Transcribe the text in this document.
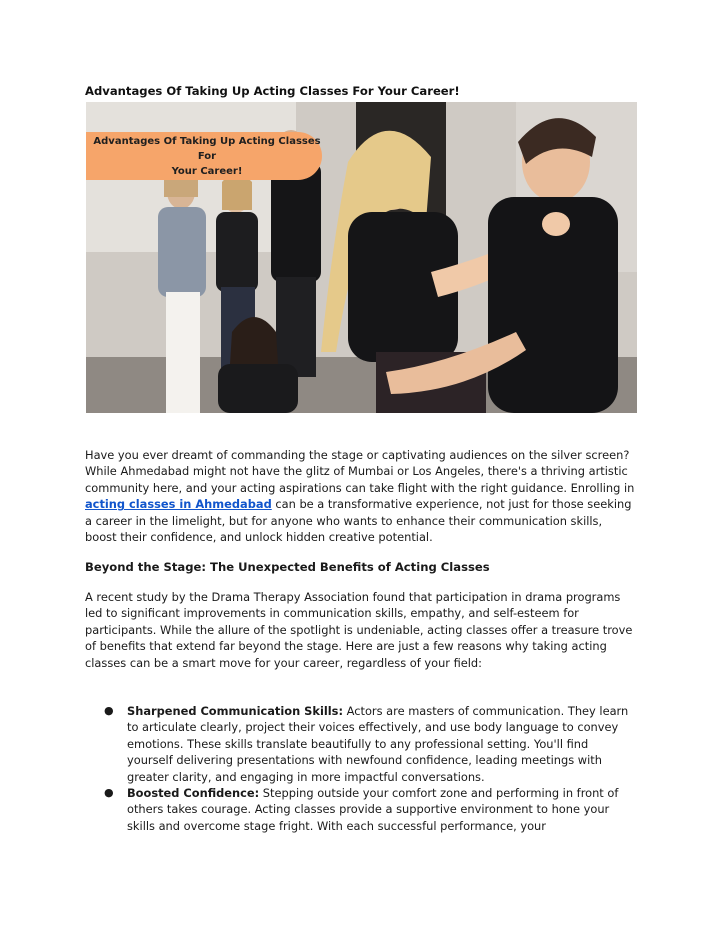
Advantages Of Taking Up Acting Classes For Your Career!
Advantages Of Taking Up Acting Classes For
Your Career!
Have you ever dreamt of commanding the stage or captivating audiences on the silver screen? While Ahmedabad might not have the glitz of Mumbai or Los Angeles, there's a thriving artistic community here, and your acting aspirations can take flight with the right guidance. Enrolling in acting classes in Ahmedabad can be a transformative experience, not just for those seeking a career in the limelight, but for anyone who wants to enhance their communication skills, boost their confidence, and unlock hidden creative potential.
Beyond the Stage: The Unexpected Benefits of Acting Classes
A recent study by the Drama Therapy Association found that participation in drama programs led to significant improvements in communication skills, empathy, and self-esteem for participants. While the allure of the spotlight is undeniable, acting classes offer a treasure trove of benefits that extend far beyond the stage. Here are just a few reasons why taking acting classes can be a smart move for your career, regardless of your field:
● Sharpened Communication Skills: Actors are masters of communication. They learn to articulate clearly, project their voices effectively, and use body language to convey emotions. These skills translate beautifully to any professional setting. You'll find yourself delivering presentations with newfound confidence, leading meetings with greater clarity, and engaging in more impactful conversations.
● Boosted Confidence: Stepping outside your comfort zone and performing in front of others takes courage. Acting classes provide a supportive environment to hone your skills and overcome stage fright. With each successful performance, your
